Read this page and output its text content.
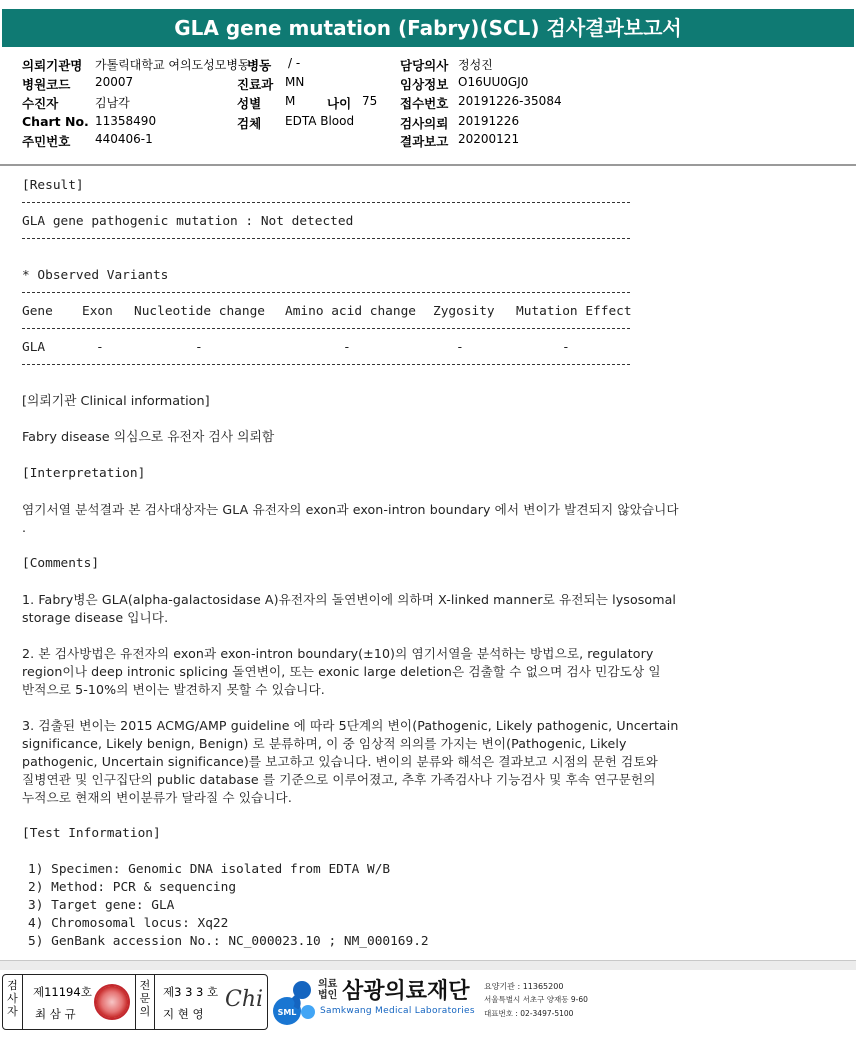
GLA gene mutation (Fabry)(SCL) 검사결과보고서
의뢰기관명 가톨릭대학교 여의도성모병동
병동 / -	담당의사 정성진
병원코드 20007	진료과 MN	임상정보 O16UU0GJ0
수진자	김남각	성별 M	나이 75 접수번호 20191226-35084
Chart No. 11358490	검체 EDTA Blood	검사의뢰 20191226
주민번호 440406-1	결과보고 20200121
[Result]
GLA gene pathogenic mutation : Not detected
* Observed Variants
Gene Exon Nucleotide change Amino acid change Zygosity Mutation Effect
GLA	-	-	-	-	-
[의뢰기관 Clinical information]
Fabry disease 의심으로 유전자 검사 의뢰함
[Interpretation]
염기서열 분석결과 본 검사대상자는 GLA 유전자의 exon과 exon-intron boundary 에서 변이가 발견되지 않았습니다
.
[Comments]
1. Fabry병은 GLA(alpha-galactosidase A)유전자의 돌연변이에 의하며 X-linked manner로 유전되는 lysosomal
storage disease 입니다.
2. 본 검사방법은 유전자의 exon과 exon-intron boundary(±10)의 염기서열을 분석하는 방법으로, regulatory
region이나 deep intronic splicing 돌연변이, 또는 exonic large deletion은 검출할 수 없으며 검사 민감도상 일
반적으로 5-10%의 변이는 발견하지 못할 수 있습니다.
3. 검출된 변이는 2015 ACMG/AMP guideline 에 따라 5단계의 변이(Pathogenic, Likely pathogenic, Uncertain
significance, Likely benign, Benign) 로 분류하며, 이 중 임상적 의의를 가지는 변이(Pathogenic, Likely
pathogenic, Uncertain significance)를 보고하고 있습니다. 변이의 분류와 해석은 결과보고 시점의 문헌 검토와
질병연관 및 인구집단의 public database 를 기준으로 이루어졌고, 추후 가족검사나 기능검사 및 후속 연구문헌의
누적으로 현재의 변이분류가 달라질 수 있습니다.
[Test Information]
1) Specimen: Genomic DNA isolated from EDTA W/B
2) Method: PCR & sequencing
3) Target gene: GLA
4) Chromosomal locus: Xq22
5) GenBank accession No.: NC_000023.10 ; NM_000169.2
검
사
자
제11194호
최 삼 규
전
문
의
제3 3 3 호
지 현 영
Chi
SML
의료법인 삼광의료재단
Samkwang Medical Laboratories
요양기관 : 11365200
서울특별시 서초구 양재동 9-60
대표번호 : 02-3497-5100
